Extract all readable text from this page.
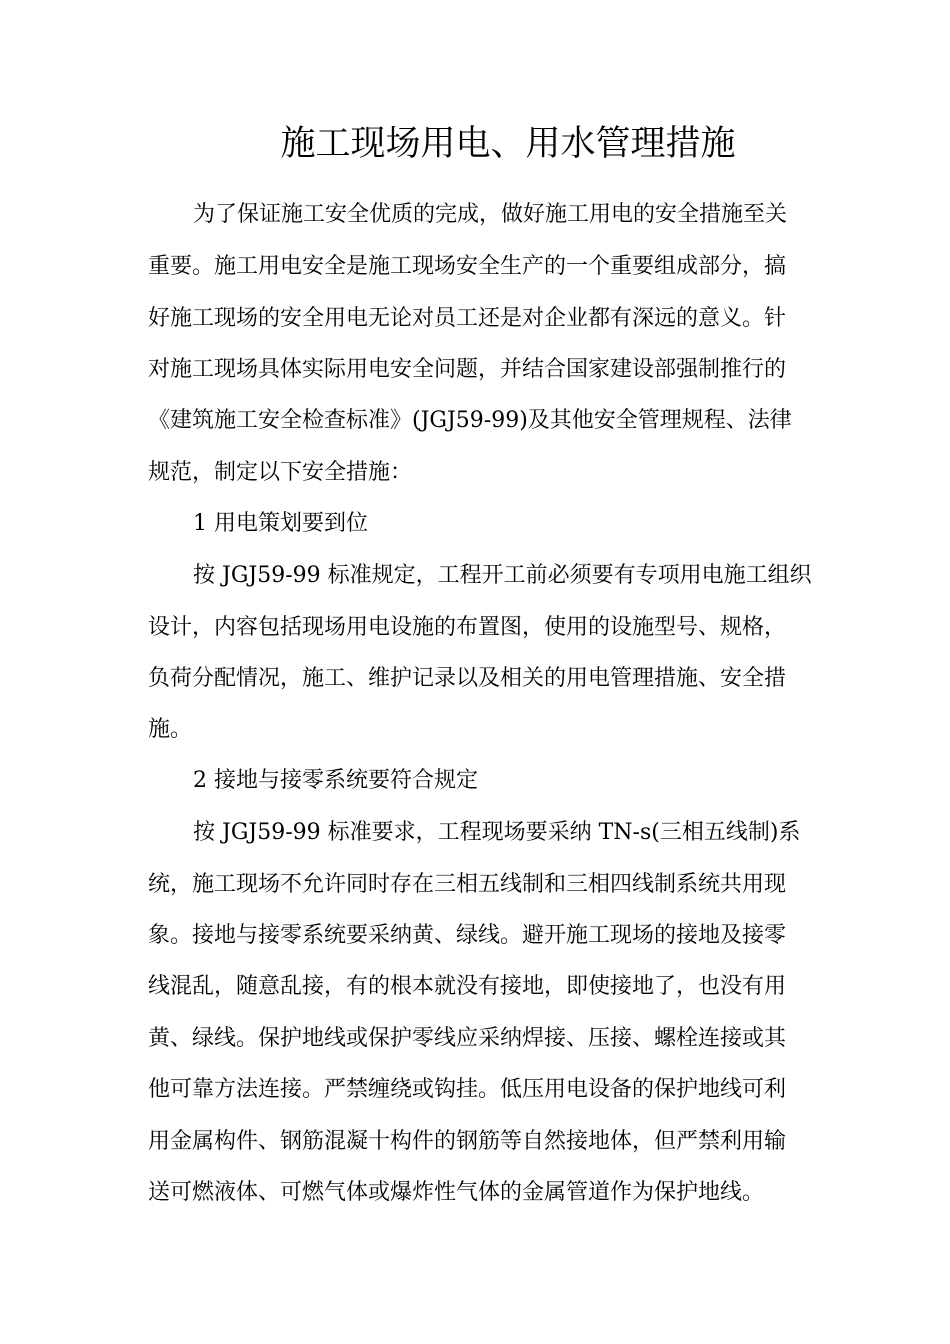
施工现场用电、用水管理措施

为了保证施工安全优质的完成，做好施工用电的安全措施至关

重要。施工用电安全是施工现场安全生产的一个重要组成部分，搞

好施工现场的安全用电无论对员工还是对企业都有深远的意义。针

对施工现场具体实际用电安全问题，并结合国家建设部强制推行的

《建筑施工安全检查标准》(JGJ59-99)及其他安全管理规程、法律

规范，制定以下安全措施：

1 用电策划要到位

按 JGJ59-99 标准规定，工程开工前必须要有专项用电施工组织

设计，内容包括现场用电设施的布置图，使用的设施型号、规格，

负荷分配情况，施工、维护记录以及相关的用电管理措施、安全措

施。

2 接地与接零系统要符合规定

按 JGJ59-99 标准要求，工程现场要采纳 TN-s(三相五线制)系

统，施工现场不允许同时存在三相五线制和三相四线制系统共用现

象。接地与接零系统要采纳黄、绿线。避开施工现场的接地及接零

线混乱，随意乱接，有的根本就没有接地，即使接地了，也没有用

黄、绿线。保护地线或保护零线应采纳焊接、压接、螺栓连接或其

他可靠方法连接。严禁缠绕或钩挂。低压用电设备的保护地线可利

用金属构件、钢筋混凝十构件的钢筋等自然接地体，但严禁利用输

送可燃液体、可燃气体或爆炸性气体的金属管道作为保护地线。
